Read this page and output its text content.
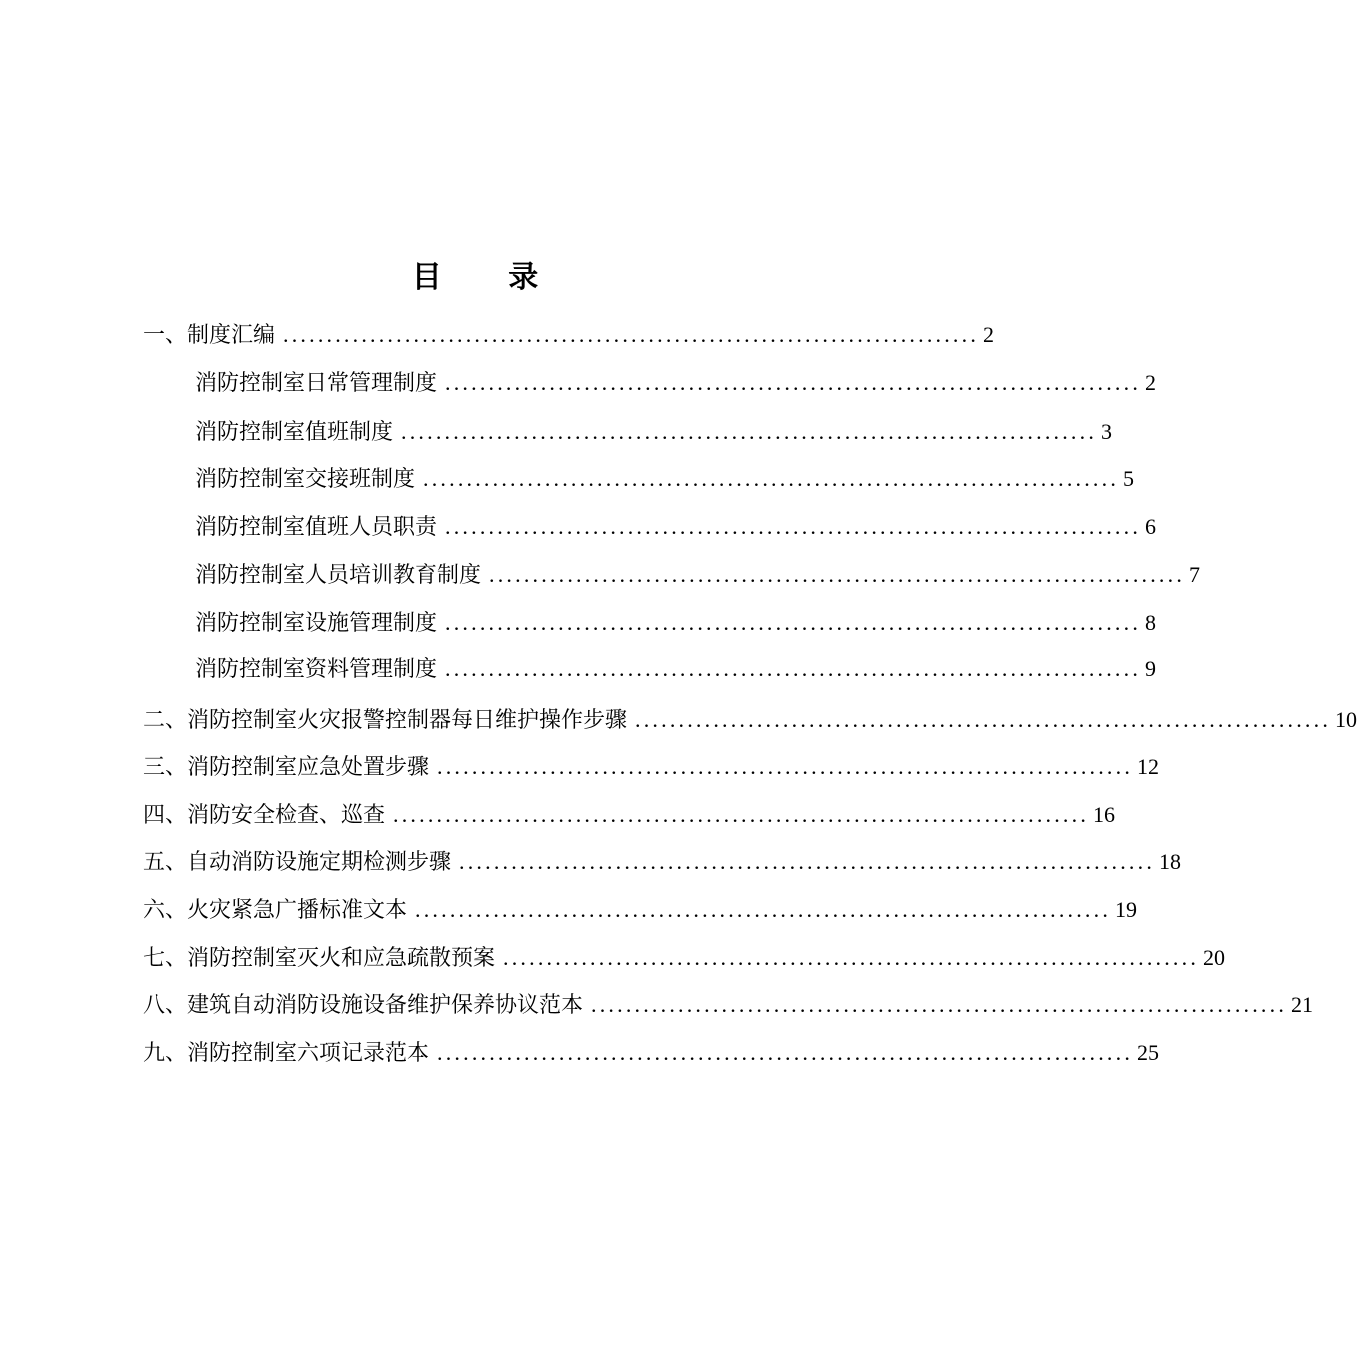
目 录
一、制度汇编 ................................................................................ 2
消防控制室日常管理制度 ................................................................................ 2
消防控制室值班制度 ................................................................................ 3
消防控制室交接班制度 ................................................................................ 5
消防控制室值班人员职责 ................................................................................ 6
消防控制室人员培训教育制度 ................................................................................ 7
消防控制室设施管理制度 ................................................................................ 8
消防控制室资料管理制度 ................................................................................ 9
二、消防控制室火灾报警控制器每日维护操作步骤 ................................................................................ 10
三、消防控制室应急处置步骤 ................................................................................ 12
四、消防安全检查、巡查 ................................................................................ 16
五、自动消防设施定期检测步骤 ................................................................................ 18
六、火灾紧急广播标准文本 ................................................................................ 19
七、消防控制室灭火和应急疏散预案 ................................................................................ 20
八、建筑自动消防设施设备维护保养协议范本 ................................................................................ 21
九、消防控制室六项记录范本 ................................................................................ 25
